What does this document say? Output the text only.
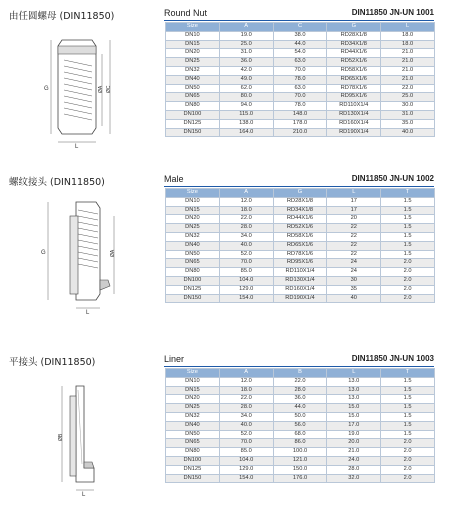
由任圆螺母 (DIN11850)	Round Nut	DIN11850 JN-UN 1001
G	ØA ØC
L
Size	A	C	G	L
DN10	19.0	38.0	RD28X1/8	18.0
DN15	25.0	44.0	RD34X1/8	18.0
DN20	31.0	54.0	RD44X1/6	21.0
DN25	36.0	63.0	RD52X1/6	21.0
DN32	42.0	70.0	RD58X1/6	21.0
DN40	49.0	78.0	RD65X1/6	21.0
DN50	62.0	63.0	RD78X1/6	22.0
DN65	80.0	70.0	RD95X1/6	25.0
DN80	94.0	78.0	RD110X1/4	30.0
DN100	115.0	148.0	RD130X1/4	31.0
DN125	138.0	178.0	RD160X1/4	35.0
DN150	164.0	210.0	RD190X1/4	40.0
螺纹接头 (DIN11850)	Male	DIN11850 JN-UN 1002
G	ØA
L
Size	A	G	L	T
DN10	12.0	RD28X1/8	17	1.5
DN15	18.0	RD34X1/8	17	1.5
DN20	22.0	RD44X1/6	20	1.5
DN25	28.0	RD52X1/6	22	1.5
DN32	34.0	RD58X1/6	22	1.5
DN40	40.0	RD65X1/6	22	1.5
DN50	52.0	RD78X1/6	22	1.5
DN65	70.0	RD95X1/6	24	2.0
DN80	85.0	RD110X1/4	24	2.0
DN100	104.0	RD130X1/4	30	2.0
DN125	129.0	RD160X1/4	35	2.0
DN150	154.0	RD190X1/4	40	2.0
平接头 (DIN11850)	Liner	DIN11850 JN-UN 1003
ØB
L
Size	A	B	L	T
DN10	12.0	22.0	13.0	1.5
DN15	18.0	28.0	13.0	1.5
DN20	22.0	36.0	13.0	1.5
DN25	28.0	44.0	15.0	1.5
DN32	34.0	50.0	15.0	1.5
DN40	40.0	56.0	17.0	1.5
DN50	52.0	68.0	19.0	1.5
DN65	70.0	86.0	20.0	2.0
DN80	85.0	100.0	21.0	2.0
DN100	104.0	121.0	24.0	2.0
DN125	129.0	150.0	28.0	2.0
DN150	154.0	176.0	32.0	2.0
